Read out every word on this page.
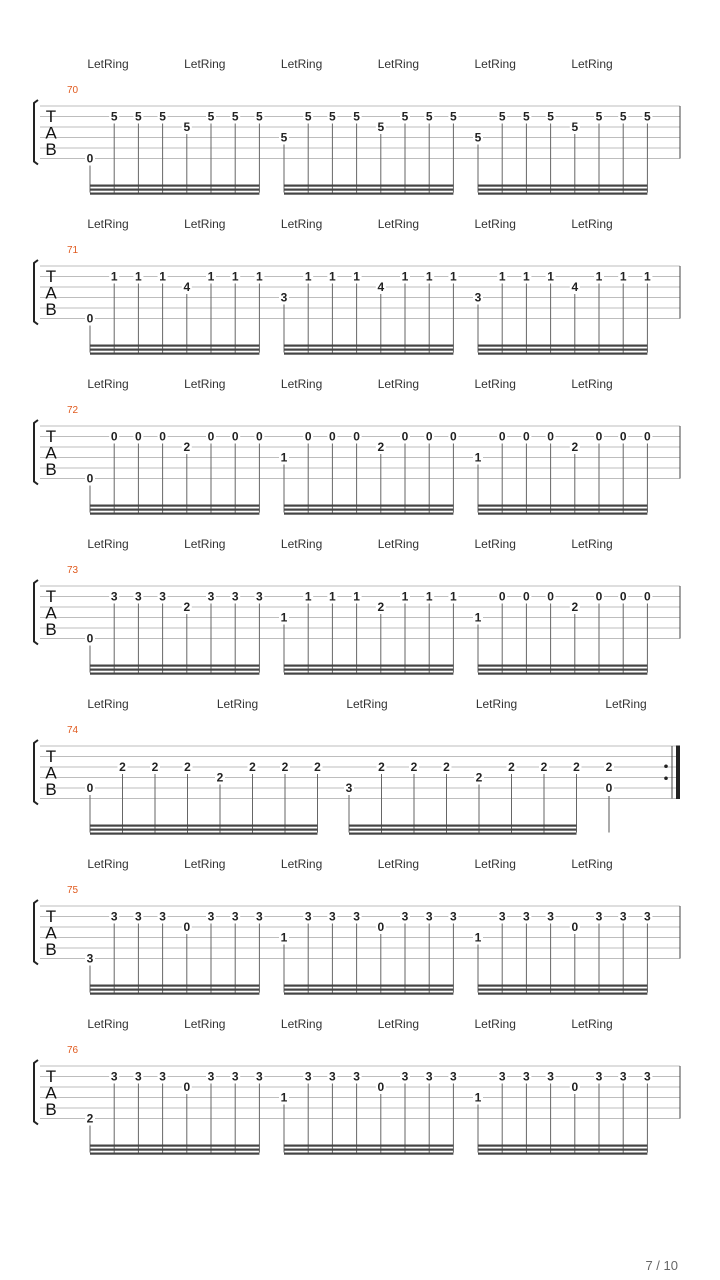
LetRing	LetRing	LetRing	LetRing	LetRing	LetRing
70
T
A
B 0
5 5 5
5
5 5 5
5
5 5 5
5
5 5 5
5
5 5 5
5
5 5 5
LetRing	LetRing	LetRing	LetRing	LetRing	LetRing
71
T
A
B 0
1 1 1
4
1 1 1
3
1 1 1
4
1 1 1
3
1 1 1
4
1 1 1
LetRing	LetRing	LetRing	LetRing	LetRing	LetRing
72
T
A
B 0
0 0 0
2
0 0 0
1
0 0 0
2
0 0 0
1
0 0 0
2
0 0 0
LetRing	LetRing	LetRing	LetRing	LetRing	LetRing
73
T
A
B 0
3 3 3
2
3 3 3
1
1 1 1
2
1 1 1
1
0 0 0
2
0 0 0
LetRing	LetRing	LetRing	LetRing	LetRing
74
T
A
B 0
2 2 2
2
2 2 2
3
2 2 2
2
2 2 2 2
0
LetRing	LetRing	LetRing	LetRing	LetRing	LetRing
75
T
A
B 3
3 3 3
0
3 3 3
1
3 3 3
0
3 3 3
1
3 3 3
0
3 3 3
LetRing	LetRing	LetRing	LetRing	LetRing	LetRing
76
T
A
B 2
3 3 3
0
3 3 3
1
3 3 3
0
3 3 3
1
3 3 3
0
3 3 3
7 / 10
